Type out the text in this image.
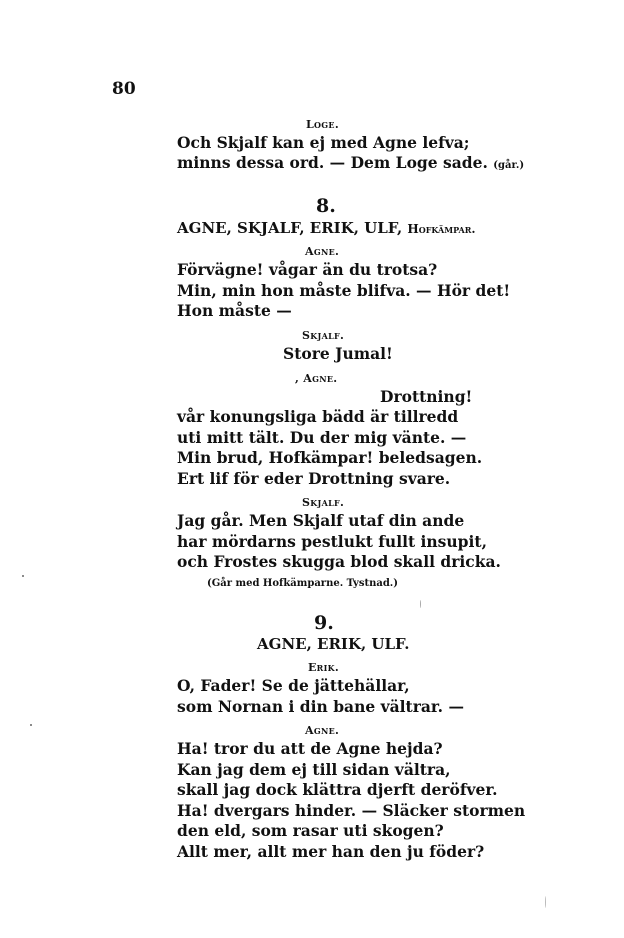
80
Loge.
Och Skjalf kan ej med Agne lefva;
minns dessa ord. — Dem Loge sade. (går.)
8.
AGNE, SKJALF, ERIK, ULF, Hofkämpar.
Agne.
Förvägne! vågar än du trotsa?
Min, min hon måste blifva. — Hör det!
Hon måste —
Skjalf.
Store Jumal!
, Agne.
Drottning!
vår konungsliga bädd är tillredd
uti mitt tält. Du der mig vänte. —
Min brud, Hofkämpar! beledsagen.
Ert lif för eder Drottning svare.
Skjalf.
Jag går. Men Skjalf utaf din ande
har mördarns pestlukt fullt insupit,
och Frostes skugga blod skall dricka.
(Går med Hofkämparne. Tystnad.)
9.
AGNE, ERIK, ULF.
Erik.
O, Fader! Se de jättehällar,
som Nornan i din bane vältrar. —
Agne.
Ha! tror du att de Agne hejda?
Kan jag dem ej till sidan vältra,
skall jag dock klättra djerft deröfver.
Ha! dvergars hinder. — Släcker stormen
den eld, som rasar uti skogen?
Allt mer, allt mer han den ju föder?
